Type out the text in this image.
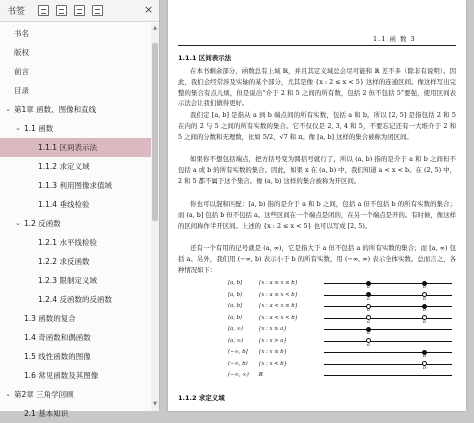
书签	×
书名
版权
前言
目录
⌄ 第1章 函数、图像和直线
⌄ 1.1 函数
1.1.1 区间表示法
1.1.2 求定义域
1.1.3 利用图像求值域
1.1.4 垂线检验
⌄ 1.2 反函数
1.2.1 水平线检验
1.2.2 求反函数
1.2.3 限制定义域
1.2.4 反函数的反函数
1.3 函数的复合
1.4 奇函数和偶函数
1.5 线性函数的图像
1.6 常见函数及其图像
⌄ 第2章 三角学回顾
2.1 基本知识
▲
▼
1.1 函 数 3
1.1.1 区间表示法

在本书剩余部分，函数总有上域 ℝ，并且其定义域总会尽可能和 ℝ 差不多（除非有说明）。因此，我们会经常涉及实轴的某个部分，尤其是像 {x : 2 ≤ x < 5} 这样的连通区间。像这样写出完整的集合有点儿烦，但是说出“介于 2 和 5 之间的所有数，包括 2 但不包括 5”要强，使用区间表示法会让我们做得更好。

我们定 [a, b] 是指从 a 到 b 端点间的所有实数，包括 a 和 b。所以 [2, 5] 是指包括 2 和 5 在内的 2 与 5 之间的所有实数的集合。它不仅仅是 2, 3, 4 和 5，不要忘记还有一大堆介于 2 和 5 之间的分数和无理数，比如 5/2、√7 和 π。像 [a, b] 这样的集合被称为闭区间。

如果你不想包括端点，把方括号变为圆括号就行了，所以 (a, b) 指的是介于 a 和 b 之间但不包括 a 或 b 的所有实数的集合。因此，如果 x 在 (a, b) 中，我们知道 a < x < b。在 (2, 5) 中，2 和 5 都不属于这个集合。像 (a, b) 这样的集合被称为开区间。

你也可以混和匹配：[a, b) 指的是介于 a 和 b 之间，包括 a 但不包括 b 的所有实数的集合；而 (a, b] 包括 b 但不包括 a。这些区间在一个端点是闭的，在另一个端点是开的。有时候，像这样的区间称作半开区间。上述的 {x : 2 ≤ x < 5} 也可以写成 [2, 5)。

还有一个有用的记号就是 (a, ∞)，它是指大于 a 但不包括 a 的所有实数的集合；而 [a, ∞) 包括 a。另外，我们用 (−∞, b) 表示小于 b 的所有实数，用 (−∞, ∞) 表示全体实数。总而言之，各种情况如下：

[a, b]	{x : a ≤ x ≤ b}
a	b
[a, b)	{x : a ≤ x < b}
a	b
(a, b]	{x : a < x ≤ b}
a	b
(a, b)	{x : a < x < b}
a	b
[a, ∞)	{x : x ≥ a}
a
(a, ∞)	{x : x > a}
a
(−∞, b] {x : x ≤ b}
b
(−∞, b) {x : x < b}
b
(−∞, ∞) ℝ
1.1.2 求定义域
